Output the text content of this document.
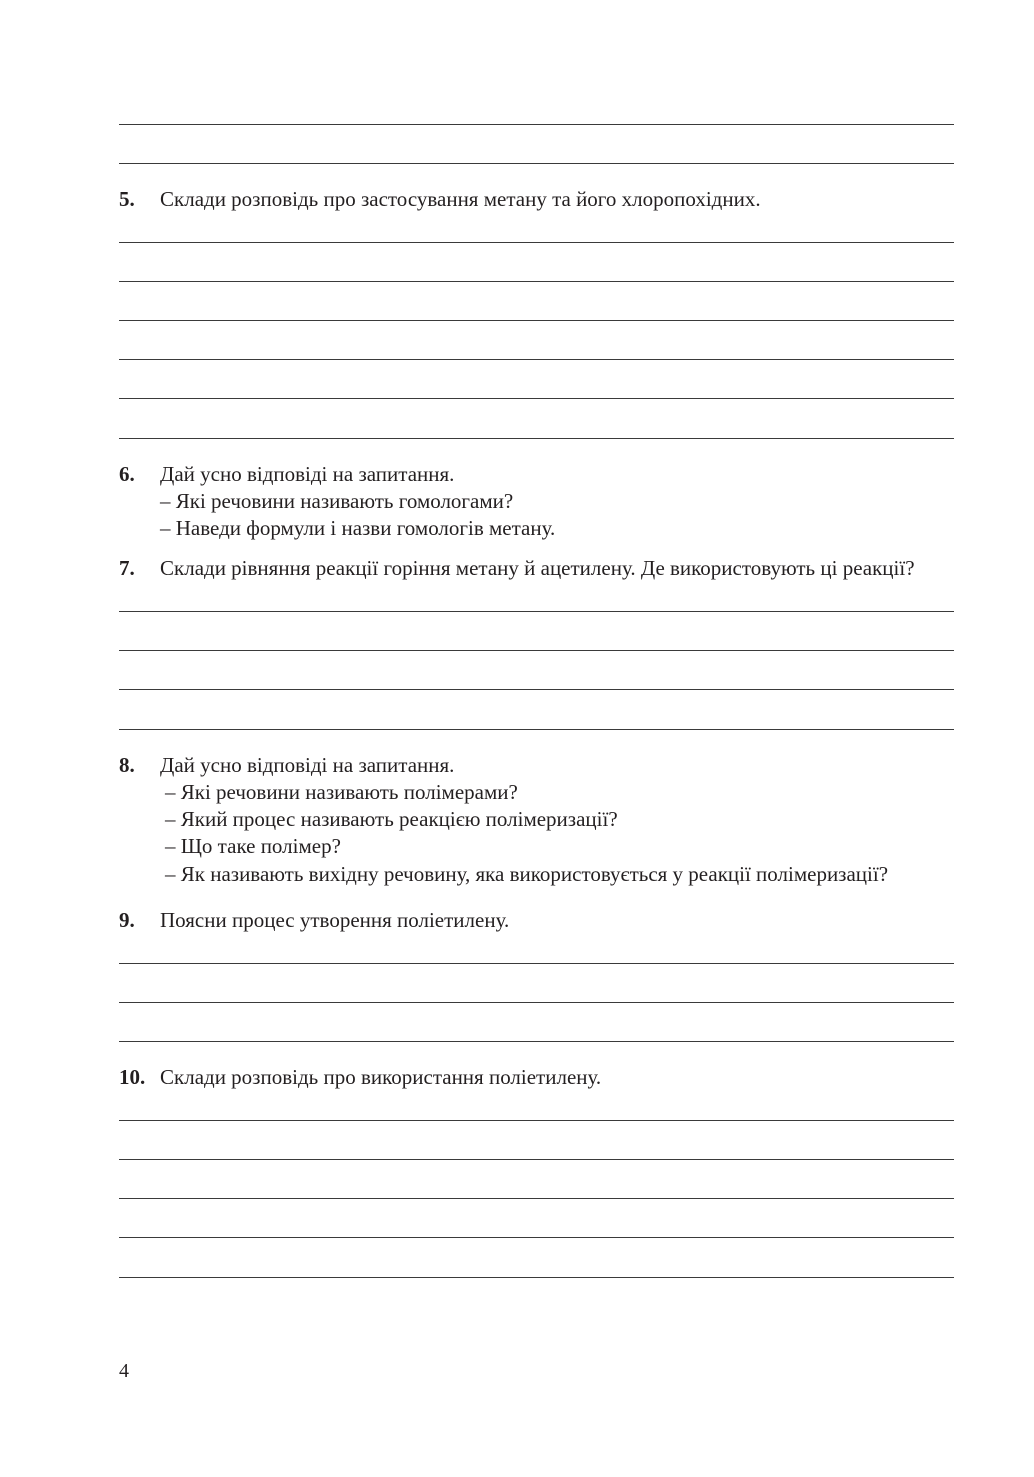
5. Склади розповідь про застосування метану та його хлоропохідних.
6. Дай усно відповіді на запитання.
– Які речовини називають гомологами?
– Наведи формули і назви гомологів метану.
7. Склади рівняння реакції горіння метану й ацетилену. Де використовують ці реакції?
8. Дай усно відповіді на запитання.
– Які речовини називають полімерами?
– Який процес називають реакцією полімеризації?
– Що таке полімер?
– Як називають вихідну речовину, яка використовується у реакції полімеризації?
9. Поясни процес утворення поліетилену.
10. Склади розповідь про використання поліетилену.
4
